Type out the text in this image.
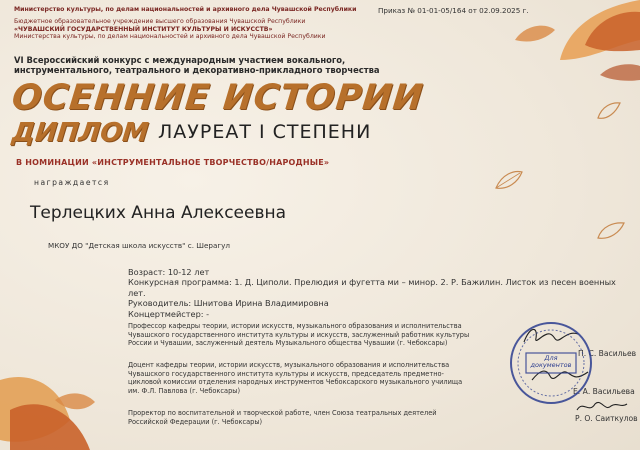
Министерство культуры, по делам национальностей и архивного дела Чувашской Республики
Бюджетное образовательное учреждение высшего образования Чувашской Республики
«ЧУВАШСКИЙ ГОСУДАРСТВЕННЫЙ ИНСТИТУТ КУЛЬТУРЫ И ИСКУССТВ»
Министерства культуры, по делам национальностей и архивного дела Чувашской Республики
Приказ № 01-01-05/164 от 02.09.2025 г.
VI Всероссийский конкурс с международным участием вокального,
инструментального, театрального и декоративно-прикладного творчества
ОСЕННИЕ ИСТОРИИ
ДИПЛОМ ЛАУРЕАТ I СТЕПЕНИ
В НОМИНАЦИИ «ИНСТРУМЕНТАЛЬНОЕ ТВОРЧЕСТВО/НАРОДНЫЕ»
награждается
Терлецких Анна Алексеевна
МКОУ ДО "Детская школа искусств" с. Шерагул
Возраст: 10-12 лет
Конкурсная программа: 1. Д. Циполи. Прелюдия и фугетта ми – минор. 2. Р. Бажилин. Листок из песен военных
лет.
Руководитель: Шнитова Ирина Владимировна
Концертмейстер: -
Профессор кафедры теории, истории искусств, музыкального образования и исполнительства
Чувашского государственного института культуры и искусств, заслуженный работник культуры
России и Чувашии, заслуженный деятель Музыкального общества Чувашии (г. Чебоксары)
П. С. Васильев
Доцент кафедры теории, истории искусств, музыкального образования и исполнительства
Чувашского государственного института культуры и искусств, председатель предметно-
цикловой комиссии отделения народных инструментов Чебоксарского музыкального училища
им. Ф.Л. Павлова (г. Чебоксары)	Е. А. Васильева
Проректор по воспитательной и творческой работе, член Союза театральных деятелей
Российской Федерации (г. Чебоксары)	Р. О. Саиткулов
Для документов
